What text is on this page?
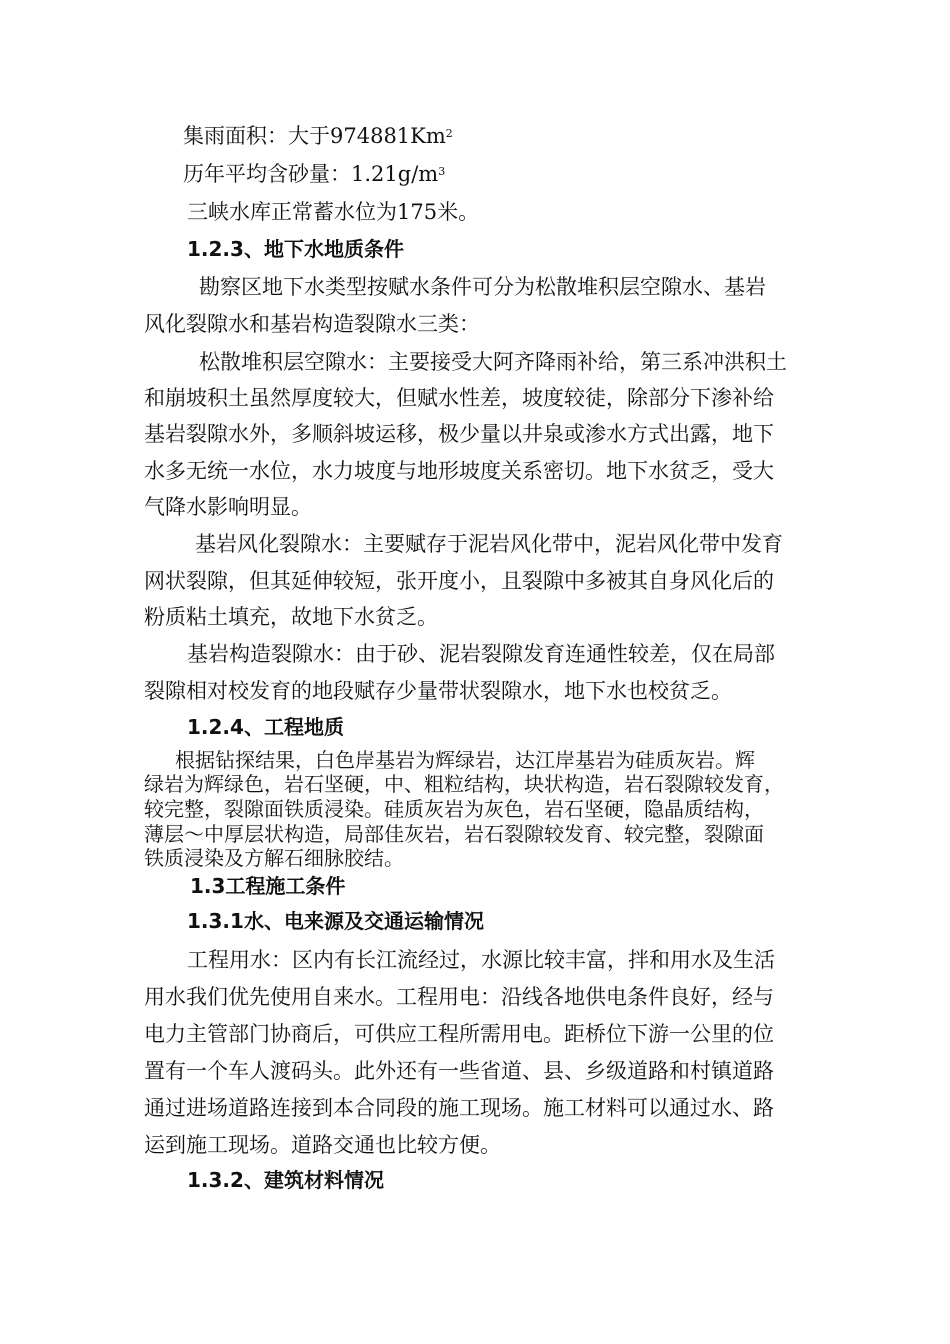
集雨面积：大于974881Km$^2$

历年平均含砂量：$1.21g/m^3$

三峡水库正常蓄水位为175米。

1.2.3、地下水地质条件

勘察区地下水类型按赋水条件可分为松散堆积层空隙水、基岩

风化裂隙水和基岩构造裂隙水三类：

松散堆积层空隙水：主要接受大阿齐降雨补给，第三系冲洪积土

和崩坡积土虽然厚度较大，但赋水性差，坡度较徒，除部分下渗补给

基岩裂隙水外，多顺斜坡运移，极少量以井泉或渗水方式出露，地下

水多无统一水位，水力坡度与地形坡度关系密切。地下水贫乏，受大

气降水影响明显。

基岩风化裂隙水：主要赋存于泥岩风化带中，泥岩风化带中发育

网状裂隙，但其延伸较短，张开度小，且裂隙中多被其自身风化后的

粉质粘土填充，故地下水贫乏。

基岩构造裂隙水：由于砂、泥岩裂隙发育连通性较差，仅在局部

裂隙相对校发育的地段赋存少量带状裂隙水，地下水也校贫乏。

1.2.4、工程地质

根据钻探结果，白色岸基岩为辉绿岩，达江岸基岩为硅质灰岩。辉

绿岩为辉绿色，岩石坚硬，中、粗粒结构，块状构造，岩石裂隙较发育，

较完整，裂隙面铁质浸染。硅质灰岩为灰色，岩石坚硬，隐晶质结构，

薄层～中厚层状构造，局部佳灰岩，岩石裂隙较发育、较完整，裂隙面

铁质浸染及方解石细脉胶结。

1.3工程施工条件

1.3.1水、电来源及交通运输情况

工程用水：区内有长江流经过，水源比较丰富，拌和用水及生活

用水我们优先使用自来水。工程用电：沿线各地供电条件良好，经与

电力主管部门协商后，可供应工程所需用电。距桥位下游一公里的位

置有一个车人渡码头。此外还有一些省道、县、乡级道路和村镇道路

通过进场道路连接到本合同段的施工现场。施工材料可以通过水、路

运到施工现场。道路交通也比较方便。

1.3.2、建筑材料情况
